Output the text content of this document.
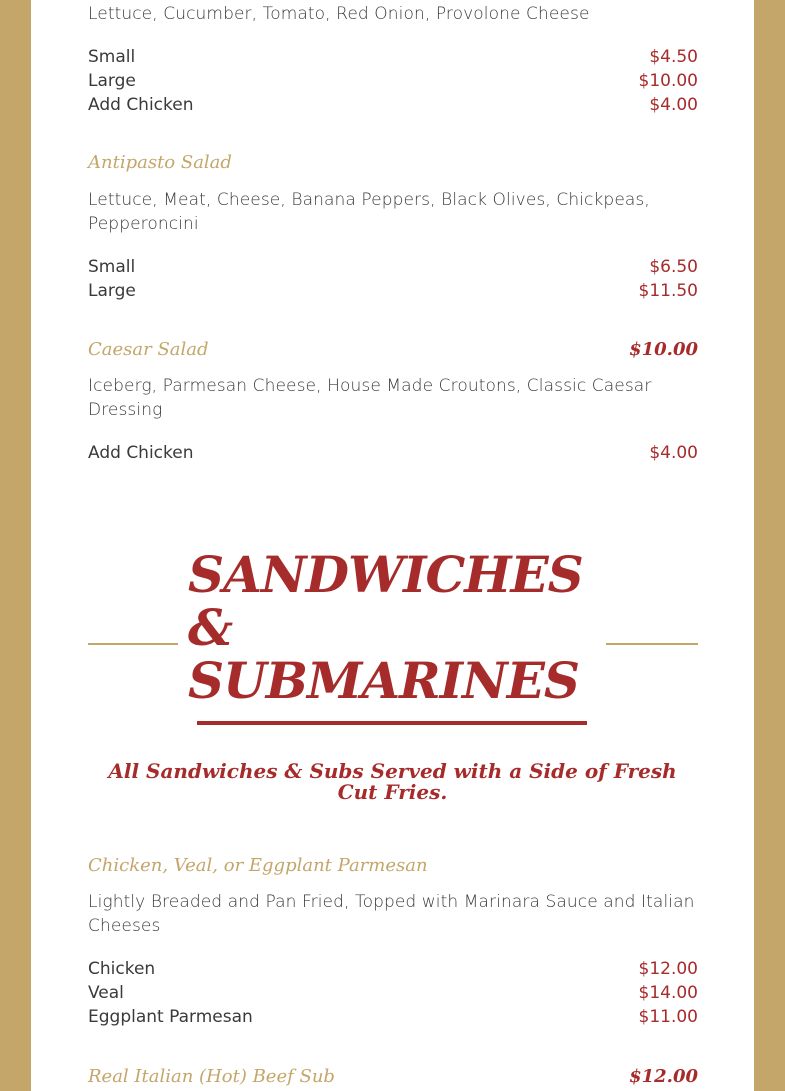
Lettuce, Cucumber, Tomato, Red Onion, Provolone Cheese
Small	$4.50
Large	$10.00
Add Chicken	$4.00
Antipasto Salad
Lettuce, Meat, Cheese, Banana Peppers, Black Olives, Chickpeas, Pepperoncini
Small	$6.50
Large	$11.50
Caesar Salad	$10.00
Iceberg, Parmesan Cheese, House Made Croutons, Classic Caesar Dressing
Add Chicken	$4.00
SANDWICHES
&
SUBMARINES
All Sandwiches & Subs Served with a Side of Fresh Cut Fries.
Chicken, Veal, or Eggplant Parmesan
Lightly Breaded and Pan Fried, Topped with Marinara Sauce and Italian Cheeses
Chicken	$12.00
Veal	$14.00
Eggplant Parmesan	$11.00
Real Italian (Hot) Beef Sub	$12.00
